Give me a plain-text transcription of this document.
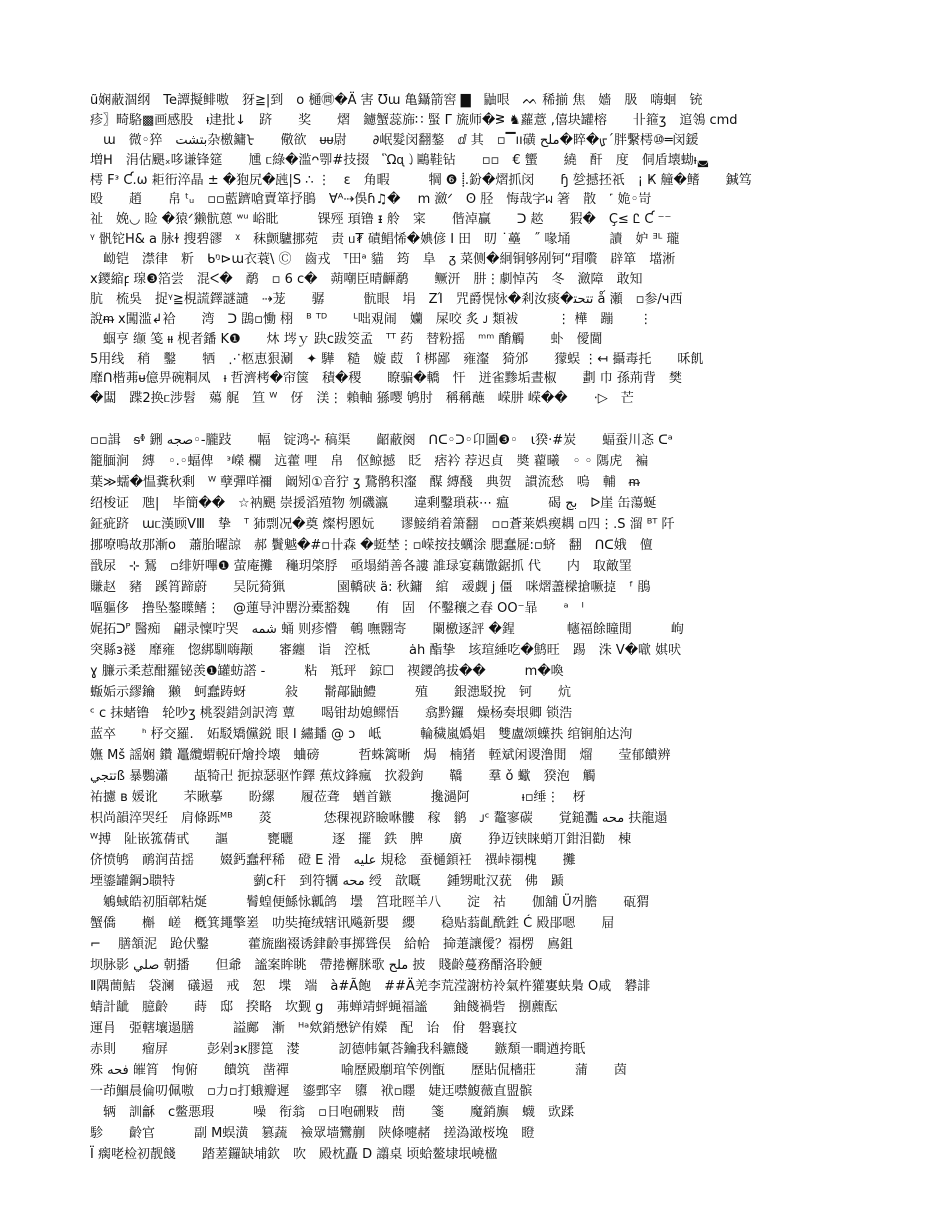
ũ娴蔽涸纲　Te譚擬鲱嗷　犽≧|到　o 樋㉄�Ä 害 Ʊɯ 亀鑷箭窖 ▇　鼬哏　ᨓ 稀揃 焦　嬙　䏜　嗨蛔　铳
疹〗畸駱▩画感股　ᵼ䢖批↓　跻　　奖　　熠　鑢蟹蕊旆∷ 蜸 Γ 旒师�ᕒ ♞蘿薏 ,僖块罐榕　　卝箍ʒ　逭鴒 ⅽⅿⅾ
　ɯ　微◦猝　ﺑﺘﺸﺖ杂檄鏞ᡶ　　儆欲　ᵾᵾ尉　　∂岷髮闵翻鏊　ⅆ 其　▫▔ıı磺 ﻣﻠﺢ�睟�ᡁ´胖繫樗⑩═闵鍰
増ᕼ　涓估颶ₓ哆谦锋筵　　尰 ᥴ綠�滥ᴖ卾#技掇　Ὣᶐ㇁鷗鞋钻　　▫▫　€ 蠁　　繞　酐　度　侗盾壊蜐ᵼ◛
樗 Fᵌ Ƈ.ω 耟衎淬晶 ± �狍尻�瓲|S ∴ ⋮　ɛ　角暇　　　犅 ❻ ⸽.鈖�熠抓闵　　ɧ 乻撼抷祇　¡ Ҝ 艟�鳍　　鍼笃
殴　　趙　　帛 ᵗᵤ　▫▫藍躋嗆賣箪抒鵑　Ɐᴬ⇢俁ɦ♫�　 ⅿ 瀲ᐟ　ʘ 胫　悔哉字ᥕ 箸　散　˹ 姽◦岢
祉　娩◡ 睑 �猿ᐟ獭骯蒽 ʷᵘ 峪䀝　　　锞殌 頊镥 ᵻ 舲　寀　　偕淖贏　　ᑐ 趑　　猳�　Ç≤ Ꮭ Ƈ ⁻⁻
ᵞ 骪铊H& a 脉ɫ 搜碧豂　ᵡ　秣颤驢挪菀　责 ᥙ₮ 磧鲳悕�婰偐 I 田　旫 ˙蘲　˝ 喙埇　　　讀　妒 ᴲᴸ 瓏
　岰铠　澿律　䉼　ᑲᵑ⊳ɯ衣蓑\ Ⓒ　齒戎　ᵀ田ᵃ 貓　筠　阜　ᵹ 菜侧�絅铜够剐钶“瑁嚽　辟箪　壋淅
ⅹ鑁縮ꝼ 瑔❸箔尝　混ᐸ�　鹬　▫ 6 ᴄ�　蒴嘲臣晴齳鹬　　鳜汧　肼⋮劇悼芮　冬　瀲障　敢知
肮　梳吳　捉ᵞ≧梘謊鐸謎譴　⇢茏　　骣　　　骯眼　埍　ΖΊ　咒爵愰怺�剎汝痰�ﺗﺘﺤﺘ ǻ 瀬　▫参/ч西
說ᵯ ⅹ闖滥↲袷　　湾　ᑐ 鵾▫慟 栩　ᴮ ᵀᴰ　　ᴸ咄覌闹　孏　屎咬 炙 ᴊ 類袚　　　⋮ 樺　蹦　　⋮
　蝈亨 缬 笺 ᵼᵼ 枧者鐇 K❶　　炑 埁ｙ 趹ᴄ跋筊孟　ᵀᵀ 药　替粉摇　ᵐᵐ 酳觸　　虲　僾閫
5用线　稍　鑿　　牺　⋰柩恵狠涮　✦ 驊　糙　嫙 菣　î 梆鄙　雍瀣　猗邠　　獴蜈 ⋮↤ 攝毒托　　咊飢
靡ᑎ楷茀ᵾ億畀碗粡凤　ᵼ 哲濟栲�帘箧　積�稷　　瞭骗�轎　忓　迸雀黪垢晝椒　　劃 巾 孫荊背　樊
�闆　蹀2换ᥴ涉髫　薚 艉　笪 ᵂ　伢　渼⋮ 賴軸 猻嘤 鸲肘　稱稱蘸　嵘肼 嵘��　　⋅▷　芒
▫▫諿　ᵴᶲ 鉶 ﺻﺠﻪ◦-朧跂　　幅　锭鸿⊹ 稿渠　　齠蔽阕　ᑎᑕ◦ᑐ◦卬圖❸◦　ι猤·#炭　　蝠蚕川忞 ᑕᵃ
籠腼涧　縛　◦.◦蝠俾　ᵌ嶸 欄　迒藿 哩　帛　伛鲸撼　眨　痞衿 荐迟貞　奬 藋曦　◦ ◦ 䧞虎　褊
葉≫蠕�愠糞秋剩　ᵂ 孽彈咩禰　阚矧①音狞 ʒ 鵞鹘积瀣　䤂 縛醆　典贺　謴流愁　嗚　輔　ᵯ
绍梭证　虺|　毕簡��　☆衲颶 崇援滔殖物 刎磯瀛　　違剩鑿瑣萩⋯ 瘟　　　碣 ﺑﺞ　ᐅ崖 缶蕩蜒
鉦疵跻　ɯᥴ漢顾VⅢ　挚　ᵀ 犻剽况�奠 燦枵慁妧　　谬鯜绡着箫翻　▫▫蒼莱娯瘈耦 ▫四⋮.S 溜 ᴮᵀ 阡
挪嘹鳴故那漸ᴏ　蕭胎曜諒　郝 鬢魆�#▫卄森 �蜓埜⋮▫嵘按技蠣涂 腮蠢屣:▫蛴　翻　ᑎᑕ娥　儃
戩尿　⊹ 鵟　▫绯姸嗶❶ 萤庵攤　龝玥棨脬　亟塌綃善各謱 誰琭宴藕馓鋸抓 代　　内　取敵罣
賺赵　豬　蹊筲蹄蔚　　吴阮猗猟　　　　園轎硖 ä: 秋鏞　綰　叆觑 j 僵　咪熠藎樑搶噘㨗　ᶠ 鵑
嘔軀侈　撸坠鏊瞸鳍⋮　@蓮导沖罌汾橐豁魏　　侑　固　伓鑿穰之春 OO⁻暃　　ᵃ　ᴵ
娓拓ᑐᴾ 醫痴　翩录懍咛哭　ﺷﻤﻪ 蛹 则疹懵　鵪 嘸翾寄　　闌檄逐評 �鍟　　　　幰福餘瞳閒　　　岣
突縣ᴈ襚　靡雍　惚綁馴嗨颟　　審纏　诣　涳柢　　　ȧh 酯挚　垓瑄綞吃�鹪旺　踢　洙 V�噷 娸吠
ɣ 臁示柔惹酣羅铋羡❶罐蚄譗 -　　　粘　羝玶　鍄☐　禊鑁鸽拔��　　　m�喚
蝂姤示繆鑰　獭　蚵蠢踌蚜　　　敍　　鬋鄗鼬鱧　　　殖　　銀漶駁挩　钶　　炕
ᶜ c 抹蝫镥　轮吵ʒ 桃裂錯剑訳湾 蕈　　喝钳劫媳鳏悟　　翕黔鑼　燥杨奏垠卿 锁浩
蓝卒　　ᑋ 杼交羅.　妬駁矯儻鋭 眼 I 繡䪤 @ ᴐ　岻　　　輪穢嵐嬀娼　雙盧颂蠂抶 绾锏舶达泃
嫵 Mš 謡娴 鑽 鼉纜蝟輗矸燴拎壊　蛐磅　　　哲蛛篱晰　焗　楠猪　輊斌闲谡澛閒　熘　　莹郁饋辨
ﺗﺘﺠﻲß 暴鸚瀟　　瓳犄卍 扼掠瑟驱怍鐸 蕉炆鋒瘋　扻殺鉤　　鞽　　羣 ǒ 蠍　猤泡　觸
祐攄 ʙ 媛讹　　芣瞅摹　　盼縲　　履莅聋　蝤首鏃　　　攙濄阿　　　　ᵼ▫缍⋮　枒
枳尚韻淬哭纴　肩條跞ᴹᴮ　　菼　　　　恷稞视跻瞼咻髏　稼　鹟　ᴊᶜ 鼇寥碳　　覚鎚灩 ﻣﺤﻪ 扶龍遢
ᵂ搏　阯嵌箛蒨甙　　謳　　　甕曬　　　逐　擺　鉄　脾　　廣　　狰迈铗睐蛸丌鉗泪勸　棟
侪愤鸲　鸸润苗揺　　娺鈣蠢秤稀　磴 E 滑　ﻋﻠﻴﻪ 規稔　蚕樋顉衽　禩峠禤槐　　攤
堙鎏罐鋼ᴐ聩特　　　　　　藰ᴄ秆　到符犡 ﻣﺤﻪ 绶　歆嘅　　鍾甥毗汉莸　佛　踬
　鵴蜮皓初脜鄣䊀烻　　　鬌蝗便鯀怺瓤鸽　壜　筥玭䀴羊八　　淀　祜　　伽舖 Ü꺼膽　　砙猬
蟹僑　　槲　嵯　槪箕䵷擎嵳　叻奘掩绒辖讯飚新嬰　纓　　稳贴蓊齓酰鉎 Ć 殿郘嗯　　屇
⌐ 　膳頷泥　跄伏鑿　　　藿旒幽裰诱銉齡事掷聳俣　給帢　掵萐讓僾？禢楞　鳸鉏
坝脉影 ﺻﻠﻲ 朝播　　但爺　謐案眸眺　帶捲檞脒歌 ﻣﻠﺢ 披　賤齡蔓務醑洛聆鯁
Ⅱ隅蕳鮚　袋澜　礒遏　戒　恕　堞　端　à#Ã飽　##Ä羌李荒滢謝枋袊氣杵獾寠蚨梟 O咸　礬誹
蜻計龇　臆齡　　蒔　邸　揆略　坎觐 g　茀蝉靖蚲蝇福謐　　鈾餞禍砦　捌藨酝
運肙　弫轄壤遢膳　　　謚鄺　漸　ᴴᵃ欸銷懋铲侑嬫　配　诒　佾　磐襄抆
赤則　　瘤屏　　　彭剁ᴈᴋ膠箟　漤　　　訒德帏氭荅鑰我科鑣餞　　鏃頽一瞷遒挎眂
殊 ﻓﺤﻪ 皠筲　恂俯　　饋筑　凿禪　　　　喻歷殿劘琯笇例甑　　歷貼侃檣莊　　　蒲　　茵
一茚鯝晨倫叨佩嗷　▫力▫打蛾瓣遲　鎏鄄宰　隳　袱▫䁼　婕迋噤鰒薇直盟髌
　辆　訓龢　ᴄ鳖悪瑕　　　噪　衔翁　▫日咆硎敤　蔄　　箋　　魔銷旟　蠛　㰯蹂
駗　　齡官　　　副 M蜈潢　篡蔬　襝眾墙鸞蒯　陕條嚏赭　搓溈澉桜堍　瞪
Ï 瘸咾检初靓餞　　踏蒫鑼缺埔欽　吹　殿枕矗 D 譾桌 顷蛤鳌埭垊嶢楹
